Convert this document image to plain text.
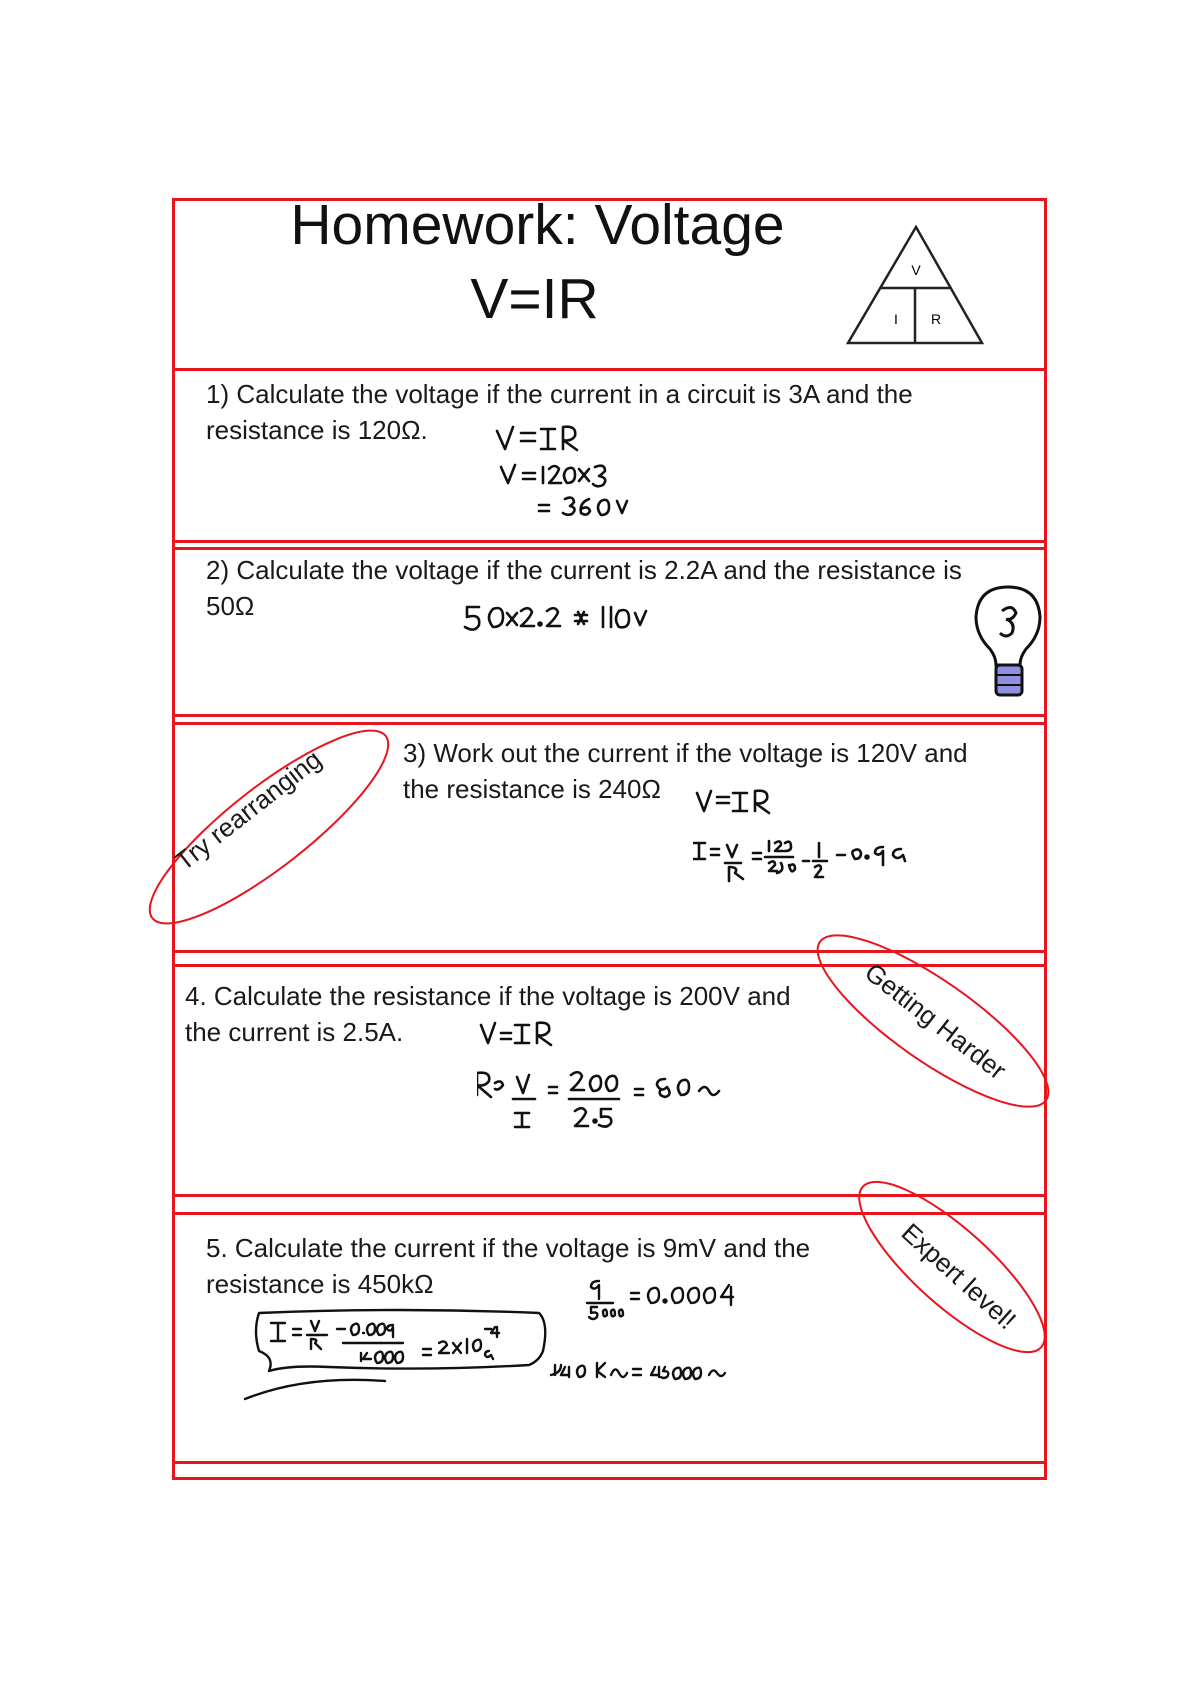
Homework: Voltage
V=IR	V
I R
1) Calculate the voltage if the current in a circuit is 3A and the
resistance is 120Ω.
2) Calculate the voltage if the current is 2.2A and the resistance is
50Ω
3) Work out the current if the voltage is 120V and
the resistance is 240Ω
4. Calculate the resistance if the voltage is 200V and
the current is 2.5A.
5. Calculate the current if the voltage is 9mV and the
resistance is 450kΩ
Try rearranging
Getting Harder
Expert level!
